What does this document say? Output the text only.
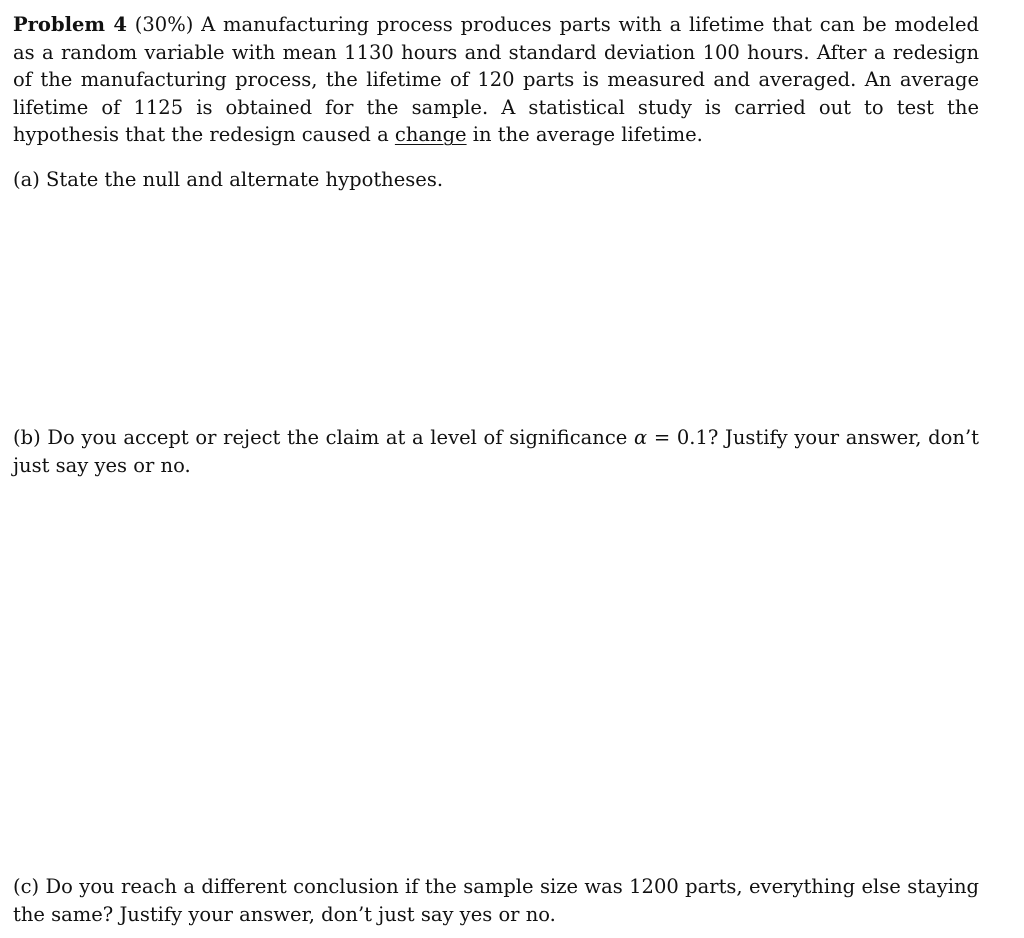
Problem 4 (30%) A manufacturing process produces parts with a lifetime that can be modeled as a random variable with mean 1130 hours and standard deviation 100 hours. After a redesign of the manufacturing process, the lifetime of 120 parts is measured and averaged. An average lifetime of 1125 is obtained for the sample. A statistical study is carried out to test the hypothesis that the redesign caused a change in the average lifetime.

(a) State the null and alternate hypotheses.

(b) Do you accept or reject the claim at a level of significance α = 0.1? Justify your answer, don’t just say yes or no.

(c) Do you reach a different conclusion if the sample size was 1200 parts, everything else staying the same? Justify your answer, don’t just say yes or no.
